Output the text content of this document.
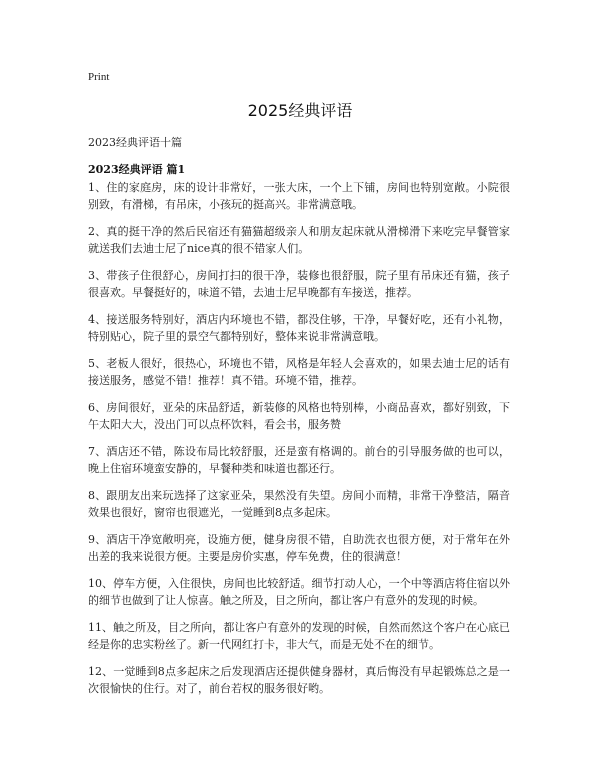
Print
2025经典评语
2023经典评语十篇
2023经典评语 篇1

1、住的家庭房，床的设计非常好，一张大床，一个上下铺，房间也特别宽敞。小院很别致，有滑梯，有吊床，小孩玩的挺高兴。非常满意哦。

2、真的挺干净的然后民宿还有猫猫超级亲人和朋友起床就从滑梯滑下来吃完早餐管家就送我们去迪士尼了nice真的很不错家人们。

3、带孩子住很舒心，房间打扫的很干净，装修也很舒服，院子里有吊床还有猫，孩子很喜欢。早餐挺好的，味道不错，去迪士尼早晚都有车接送，推荐。

4、接送服务特别好，酒店内环境也不错，都没住够，干净，早餐好吃，还有小礼物，特别贴心，院子里的景空气都特别好，整体来说非常满意哦。

5、老板人很好，很热心，环境也不错，风格是年轻人会喜欢的，如果去迪士尼的话有接送服务，感觉不错！推荐！真不错。环境不错，推荐。

6、房间很好，亚朵的床品舒适，新装修的风格也特别棒，小商品喜欢，都好别致，下午太阳大大，没出门可以点杯饮料，看会书，服务赞

7、酒店还不错，陈设布局比较舒服，还是蛮有格调的。前台的引导服务做的也可以，晚上住宿环境蛮安静的，早餐种类和味道也都还行。

8、跟朋友出来玩选择了这家亚朵，果然没有失望。房间小而精，非常干净整洁，隔音效果也很好，窗帘也很遮光，一觉睡到8点多起床。

9、酒店干净宽敞明亮，设施方便，健身房很不错，自助洗衣也很方便，对于常年在外出差的我来说很方便。主要是房价实惠，停车免费，住的很满意！

10、停车方便，入住很快，房间也比较舒适。细节打动人心，一个中等酒店将住宿以外的细节也做到了让人惊喜。触之所及，目之所向，都让客户有意外的发现的时候。

11、触之所及，目之所向，都让客户有意外的发现的时候，自然而然这个客户在心底已经是你的忠实粉丝了。新一代网红打卡，非大气，而是无处不在的细节。

12、一觉睡到8点多起床之后发现酒店还提供健身器材，真后悔没有早起锻炼总之是一次很愉快的住行。对了，前台若权的服务很好哟。
